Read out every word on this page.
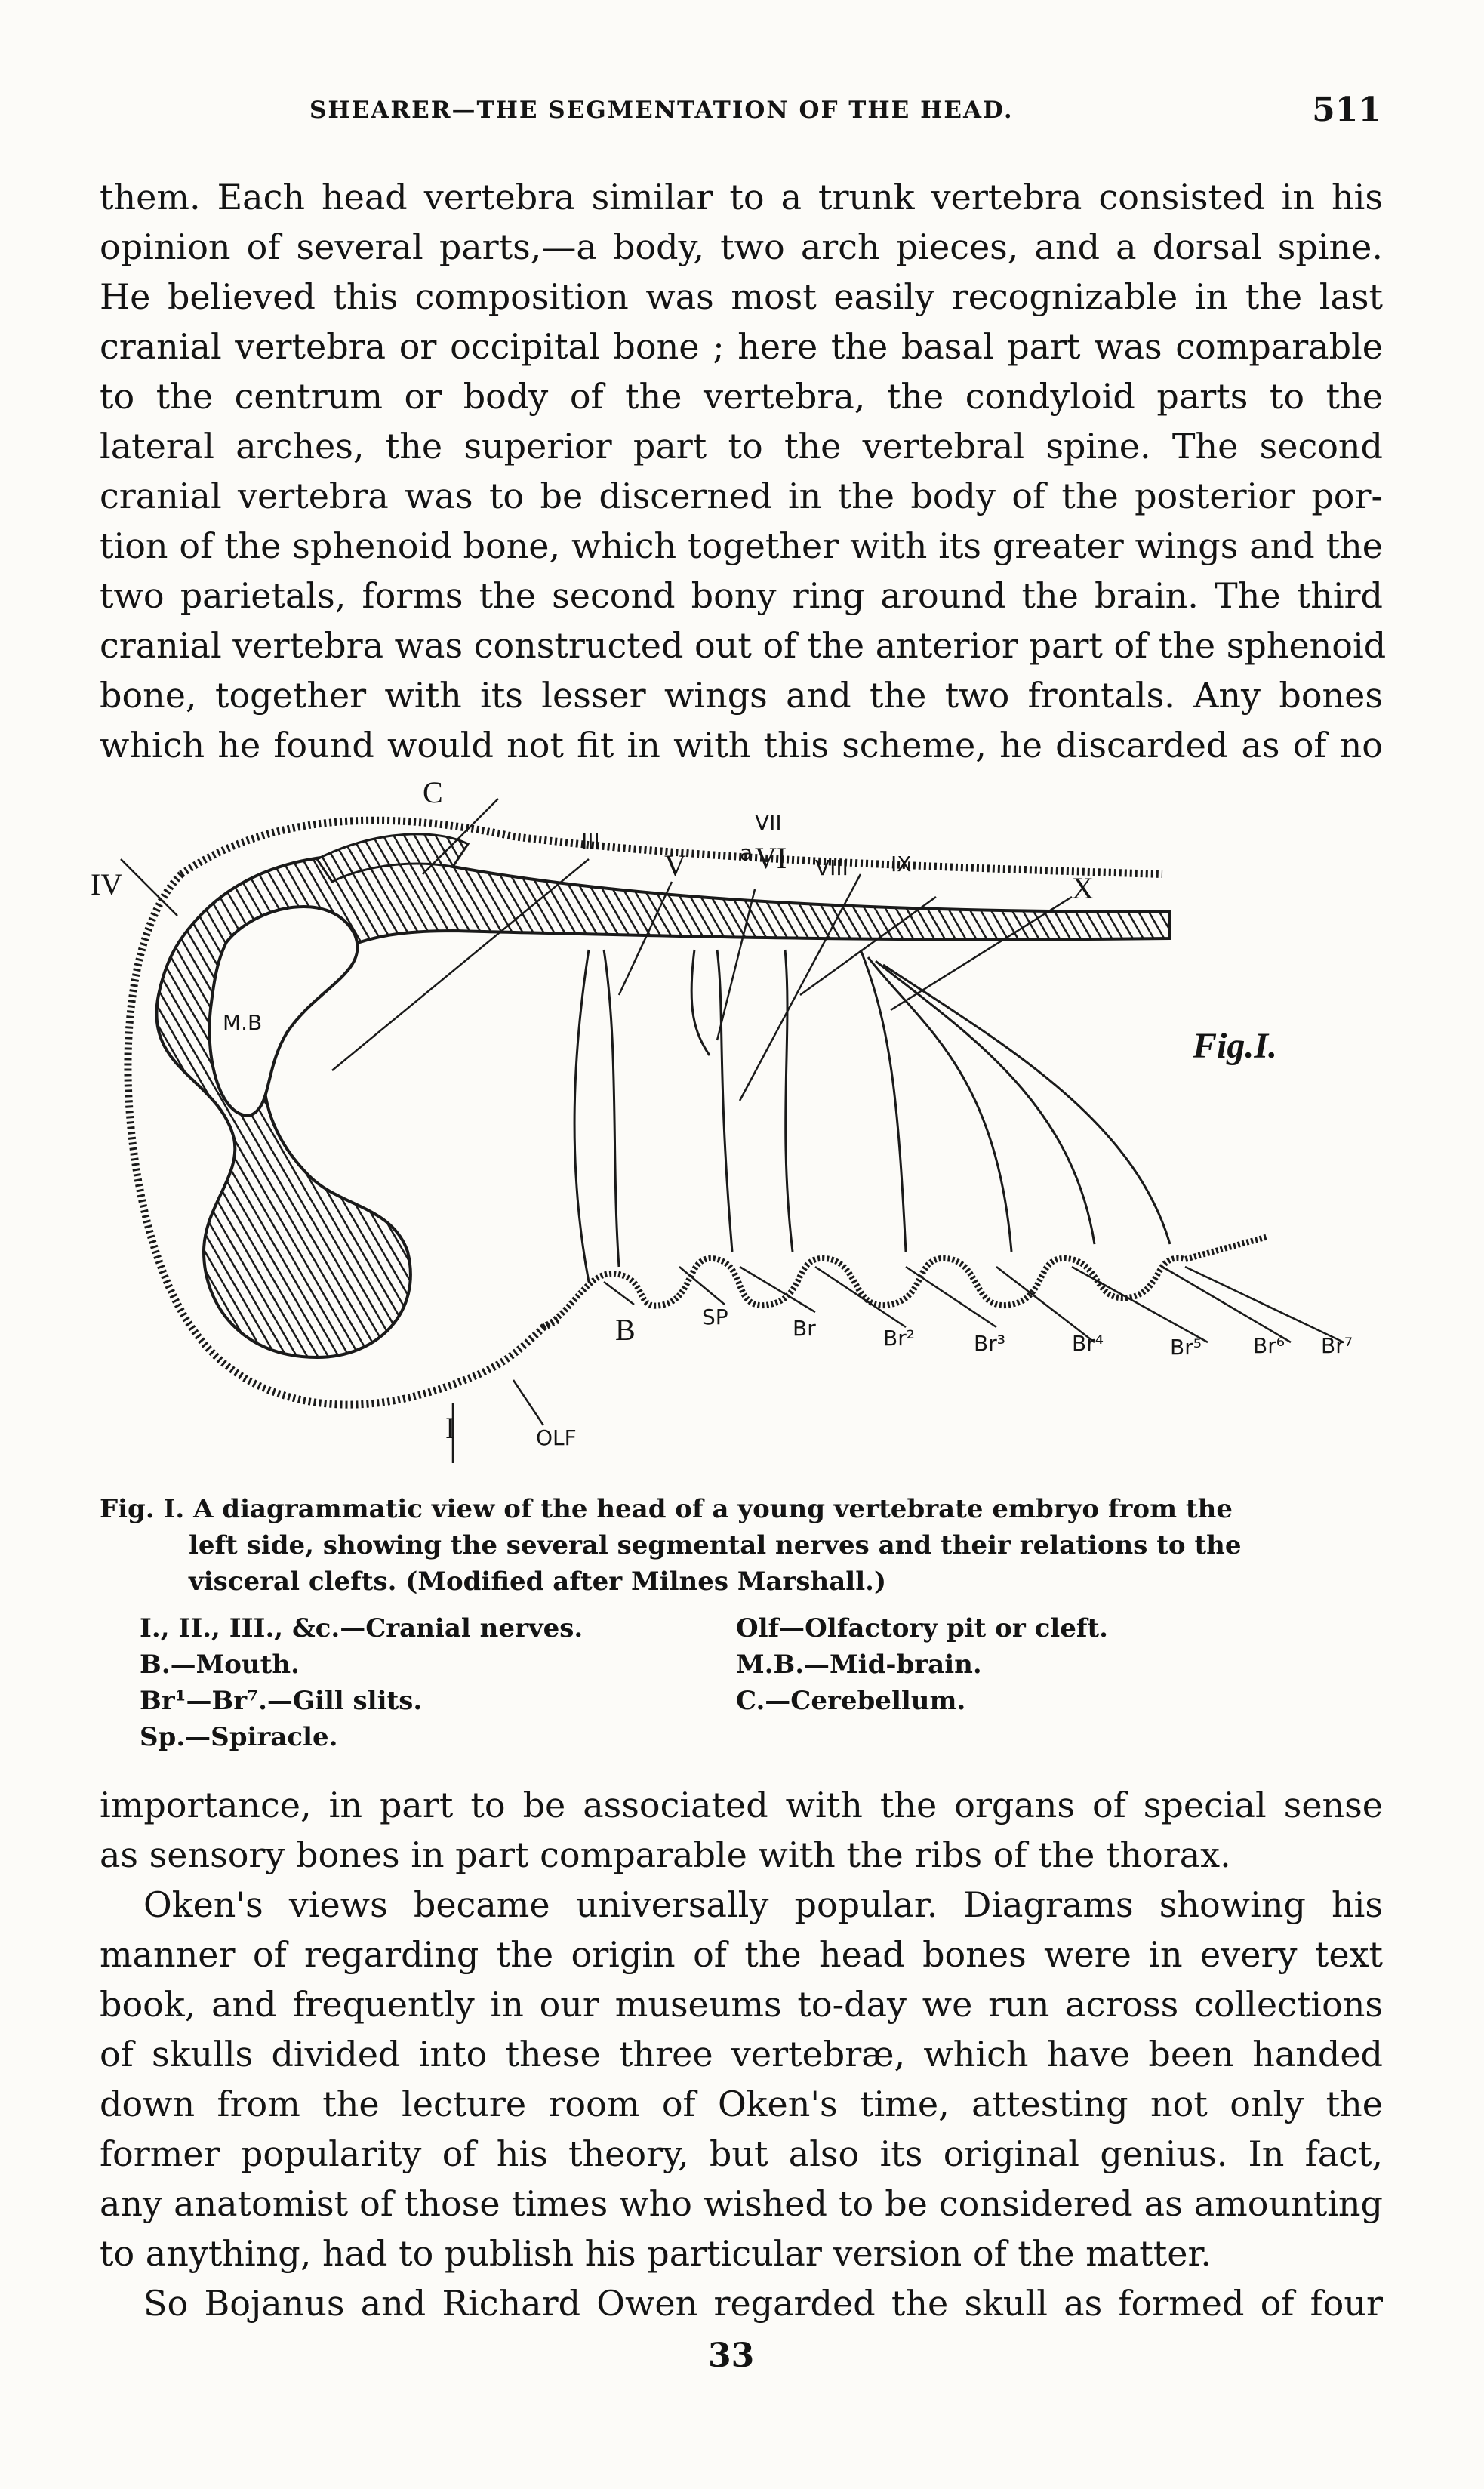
SHEARER—THE SEGMENTATION OF THE HEAD.	511
them. Each head vertebra similar to a trunk vertebra consisted in his
opinion of several parts,—a body, two arch pieces, and a dorsal spine.
He believed this composition was most easily recognizable in the last
cranial vertebra or occipital bone ; here the basal part was comparable
to the centrum or body of the vertebra, the condyloid parts to the
lateral arches, the superior part to the vertebral spine. The second
cranial vertebra was to be discerned in the body of the posterior por-
tion of the sphenoid bone, which together with its greater wings and the
two parietals, forms the second bony ring around the brain. The third
cranial vertebra was constructed out of the anterior part of the sphenoid
bone, together with its lesser wings and the two frontals. Any bones
which he found would not fit in with this scheme, he discarded as of no
C
IV
III
V	a
VII
VI VIII IX
X
M.B
Fig.I.
B	SP	Br	Br²	Br³	Br⁴	Br⁵ Br⁶ Br⁷
I	OLF
Fig. I. A diagrammatic view of the head of a young vertebrate embryo from the
left side, showing the several segmental nerves and their relations to the
visceral clefts. (Modified after Milnes Marshall.)
I., II., III., &c.—Cranial nerves.
B.—Mouth.
Br¹—Br⁷.—Gill slits.
Sp.—Spiracle.
Olf—Olfactory pit or cleft.
M.B.—Mid-brain.
C.—Cerebellum.
importance, in part to be associated with the organs of special sense
as sensory bones in part comparable with the ribs of the thorax.
Oken's views became universally popular. Diagrams showing his
manner of regarding the origin of the head bones were in every text
book, and frequently in our museums to-day we run across collections
of skulls divided into these three vertebræ, which have been handed
down from the lecture room of Oken's time, attesting not only the
former popularity of his theory, but also its original genius. In fact,
any anatomist of those times who wished to be considered as amounting
to anything, had to publish his particular version of the matter.
So Bojanus and Richard Owen regarded the skull as formed of four
33
